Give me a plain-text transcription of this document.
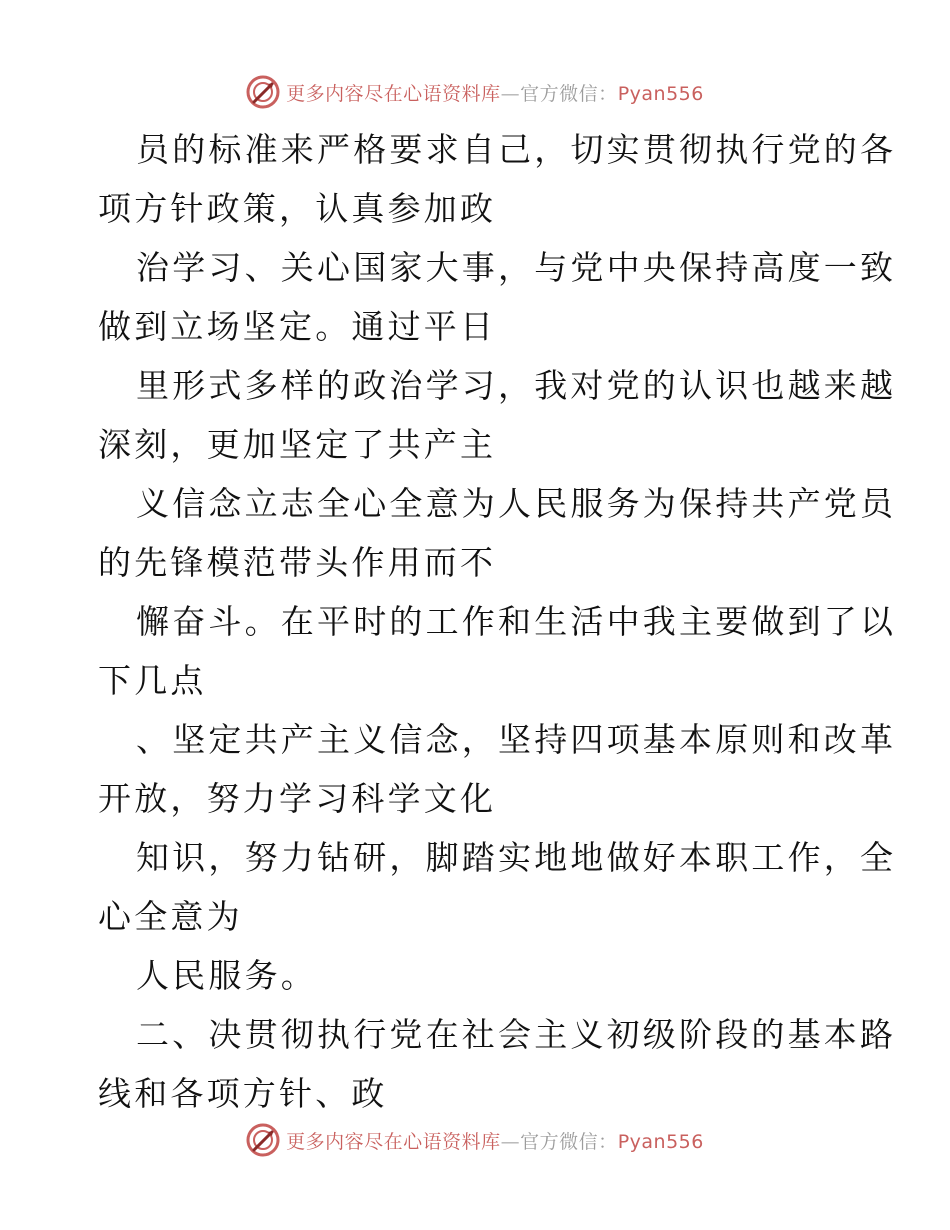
更多内容尽在心语资料库—官方微信：Pyan556
员的标准来严格要求自己，切实贯彻执行党的各
项方针政策，认真参加政
治学习、关心国家大事，与党中央保持高度一致
做到立场坚定。通过平日
里形式多样的政治学习，我对党的认识也越来越
深刻，更加坚定了共产主
义信念立志全心全意为人民服务为保持共产党员
的先锋模范带头作用而不
懈奋斗。在平时的工作和生活中我主要做到了以
下几点
、坚定共产主义信念，坚持四项基本原则和改革
开放，努力学习科学文化
知识，努力钻研，脚踏实地地做好本职工作，全
心全意为
人民服务。
二、决贯彻执行党在社会主义初级阶段的基本路
线和各项方针、政
更多内容尽在心语资料库—官方微信：Pyan556
